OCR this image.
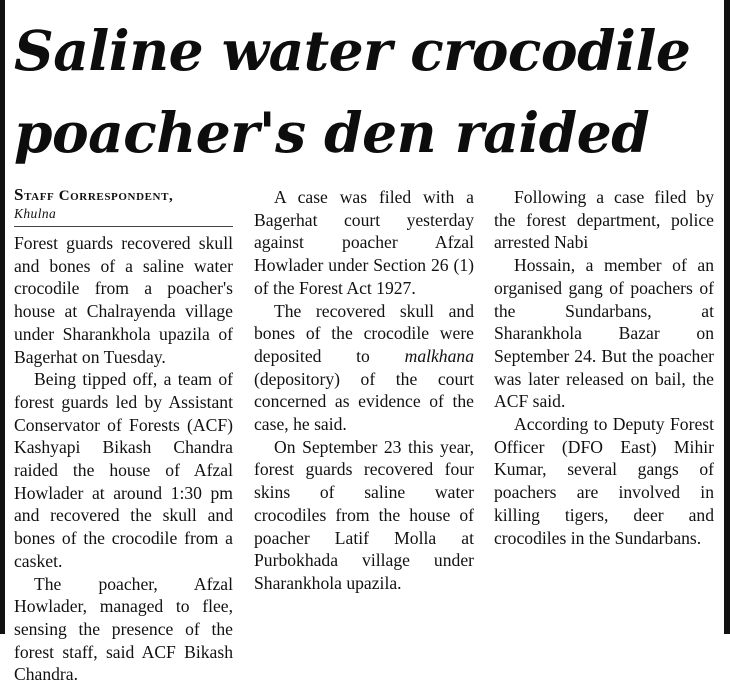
Saline water crocodile
poacher's den raided
Staff Correspondent,
Khulna

Forest guards recovered skull and bones of a saline water crocodile from a poacher's house at Chalrayenda village under Sharankhola upazila of Bagerhat on Tuesday.

Being tipped off, a team of forest guards led by Assistant Conservator of Forests (ACF) Kashyapi Bikash Chandra raided the house of Afzal Howlader at around 1:30 pm and recovered the skull and bones of the crocodile from a casket.

The poacher, Afzal Howlader, managed to flee, sensing the presence of the forest staff, said ACF Bikash Chandra.

A case was filed with a Bagerhat court yesterday against poacher Afzal Howlader under Section 26 (1) of the Forest Act 1927.

The recovered skull and bones of the crocodile were deposited to malkhana (depository) of the court concerned as evidence of the case, he said.

On September 23 this year, forest guards recovered four skins of saline water crocodiles from the house of poacher Latif Molla at Purbokhada village under Sharankhola upazila.

Following a case filed by the forest department, police arrested Nabi

Hossain, a member of an organised gang of poachers of the Sundarbans, at Sharankhola Bazar on September 24. But the poacher was later released on bail, the ACF said.

According to Deputy Forest Officer (DFO East) Mihir Kumar, several gangs of poachers are involved in killing tigers, deer and crocodiles in the Sundarbans.
